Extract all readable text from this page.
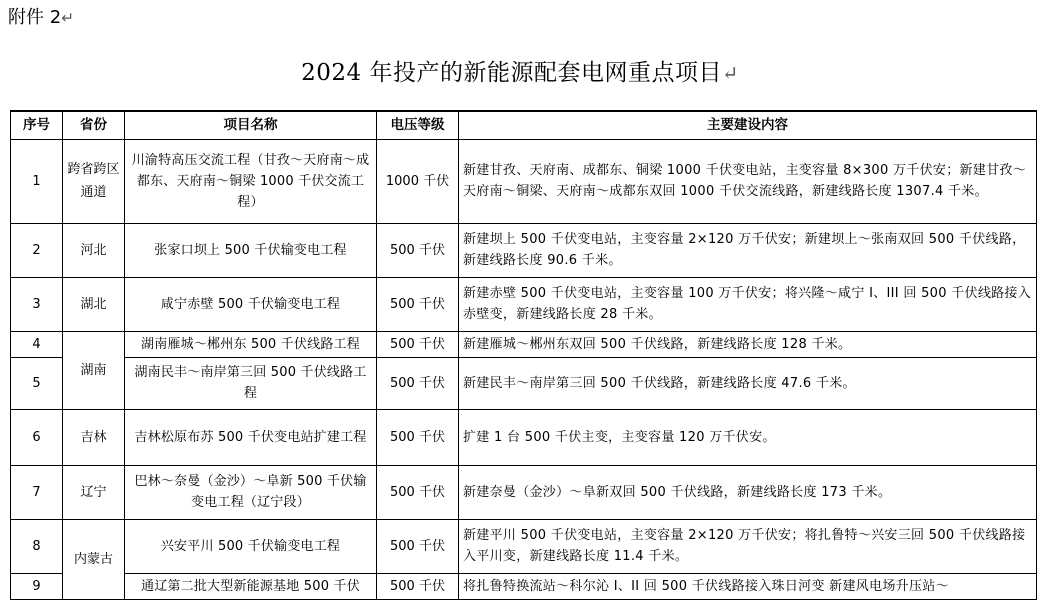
附件 2↵
2024 年投产的新能源配套电网重点项目↵
序号	省份	项目名称	电压等级	主要建设内容
1	跨省跨区通道	川渝特高压交流工程（甘孜～天府南～成都东、天府南～铜梁 1000 千伏交流工程）	1000 千伏	新建甘孜、天府南、成都东、铜梁 1000 千伏变电站，主变容量 8×300 万千伏安；新建甘孜～天府南～铜梁、天府南～成都东双回 1000 千伏交流线路，新建线路长度 1307.4 千米。
2	河北	张家口坝上 500 千伏输变电工程	500 千伏	新建坝上 500 千伏变电站，主变容量 2×120 万千伏安；新建坝上～张南双回 500 千伏线路，新建线路长度 90.6 千米。
3	湖北	咸宁赤壁 500 千伏输变电工程	500 千伏	新建赤壁 500 千伏变电站，主变容量 100 万千伏安；将兴隆～咸宁 I、III 回 500 千伏线路接入赤壁变，新建线路长度 28 千米。
4	湖南	湖南雁城～郴州东 500 千伏线路工程	500 千伏	新建雁城～郴州东双回 500 千伏线路，新建线路长度 128 千米。
5		湖南民丰～南岸第三回 500 千伏线路工程	500 千伏	新建民丰～南岸第三回 500 千伏线路，新建线路长度 47.6 千米。
6	吉林	吉林松原布苏 500 千伏变电站扩建工程	500 千伏	扩建 1 台 500 千伏主变，主变容量 120 万千伏安。
7	辽宁	巴林～奈曼（金沙）～阜新 500 千伏输变电工程（辽宁段）	500 千伏	新建奈曼（金沙）～阜新双回 500 千伏线路，新建线路长度 173 千米。
8	内蒙古	兴安平川 500 千伏输变电工程	500 千伏	新建平川 500 千伏变电站，主变容量 2×120 万千伏安；将扎鲁特～兴安三回 500 千伏线路接入平川变，新建线路长度 11.4 千米。
9		通辽第二批大型新能源基地 500 千伏	500 千伏	将扎鲁特换流站～科尔沁 I、II 回 500 千伏线路接入珠日河变 新建风电场升压站～
